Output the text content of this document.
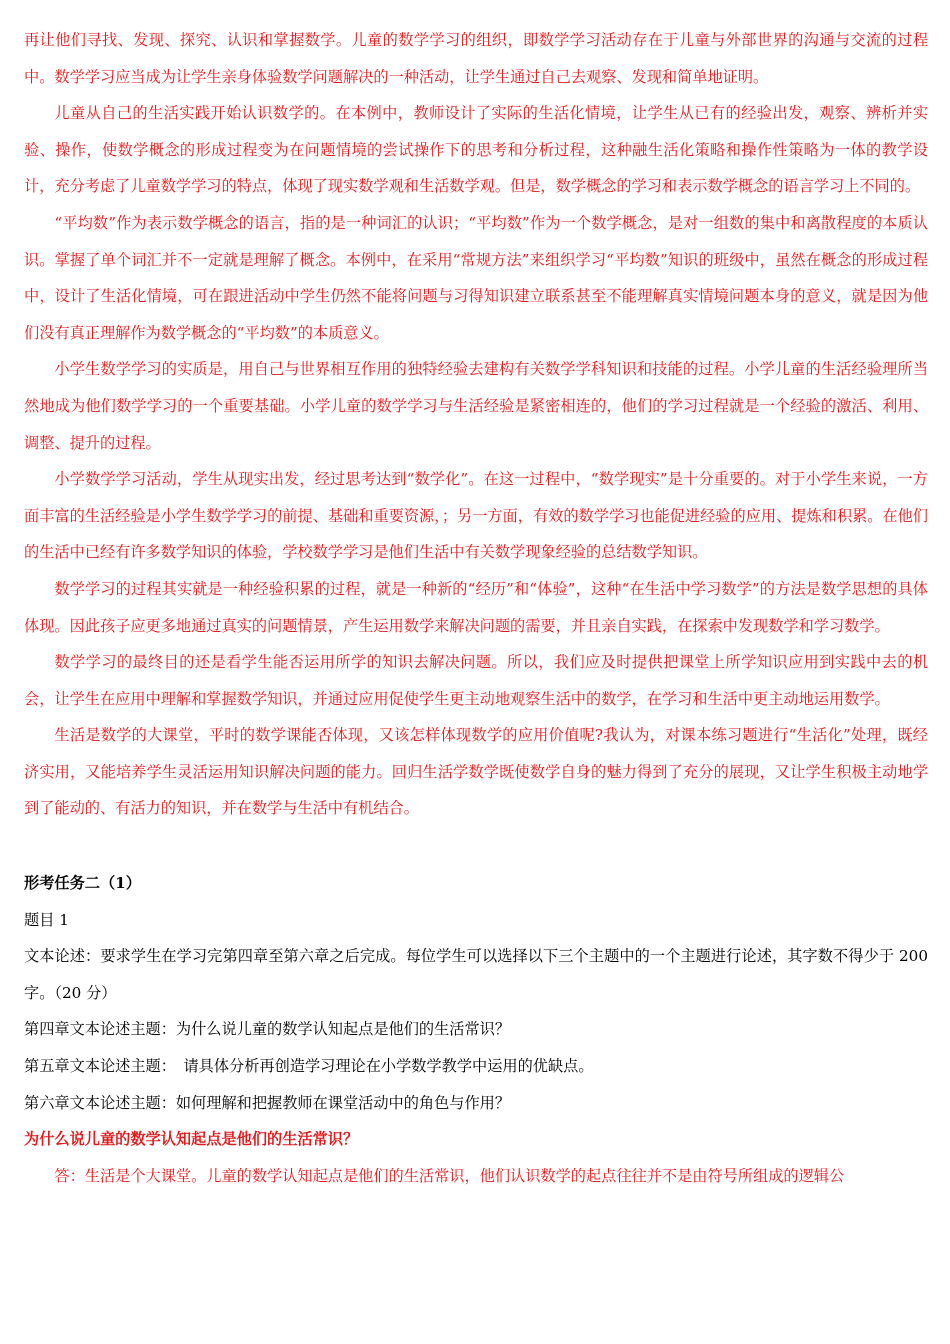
再让他们寻找、发现、探究、认识和掌握数学。儿童的数学学习的组织，即数学学习活动存在于儿童与外部世界的沟通与交流的过程中。数学学习应当成为让学生亲身体验数学问题解决的一种活动，让学生通过自己去观察、发现和简单地证明。

儿童从自己的生活实践开始认识数学的。在本例中，教师设计了实际的生活化情境，让学生从已有的经验出发，观察、辨析并实验、操作，使数学概念的形成过程变为在问题情境的尝试操作下的思考和分析过程，这种融生活化策略和操作性策略为一体的教学设计，充分考虑了儿童数学学习的特点，体现了现实数学观和生活数学观。但是，数学概念的学习和表示数学概念的语言学习上不同的。

“平均数”作为表示数学概念的语言，指的是一种词汇的认识；“平均数”作为一个数学概念，是对一组数的集中和离散程度的本质认识。掌握了单个词汇并不一定就是理解了概念。本例中，在采用“常规方法”来组织学习“平均数”知识的班级中，虽然在概念的形成过程中，设计了生活化情境，可在跟进活动中学生仍然不能将问题与习得知识建立联系甚至不能理解真实情境问题本身的意义，就是因为他们没有真正理解作为数学概念的“平均数”的本质意义。

小学生数学学习的实质是，用自己与世界相互作用的独特经验去建构有关数学学科知识和技能的过程。小学儿童的生活经验理所当然地成为他们数学学习的一个重要基础。小学儿童的数学学习与生活经验是紧密相连的，他们的学习过程就是一个经验的激活、利用、调整、提升的过程。

小学数学学习活动，学生从现实出发，经过思考达到“数学化”。在这一过程中，“数学现实”是十分重要的。对于小学生来说，一方面丰富的生活经验是小学生数学学习的前提、基础和重要资源，；另一方面，有效的数学学习也能促进经验的应用、提炼和积累。在他们的生活中已经有许多数学知识的体验，学校数学学习是他们生活中有关数学现象经验的总结数学知识。

数学学习的过程其实就是一种经验积累的过程，就是一种新的“经历”和“体验”，这种“在生活中学习数学”的方法是数学思想的具体体现。因此孩子应更多地通过真实的问题情景，产生运用数学来解决问题的需要，并且亲自实践，在探索中发现数学和学习数学。

数学学习的最终目的还是看学生能否运用所学的知识去解决问题。所以，我们应及时提供把课堂上所学知识应用到实践中去的机会，让学生在应用中理解和掌握数学知识，并通过应用促使学生更主动地观察生活中的数学，在学习和生活中更主动地运用数学。

生活是数学的大课堂，平时的数学课能否体现，又该怎样体现数学的应用价值呢?我认为，对课本练习题进行“生活化”处理，既经济实用，又能培养学生灵活运用知识解决问题的能力。回归生活学数学既使数学自身的魅力得到了充分的展现，又让学生积极主动地学到了能动的、有活力的知识，并在数学与生活中有机结合。

形考任务二（1）

题目 1

文本论述：要求学生在学习完第四章至第六章之后完成。每位学生可以选择以下三个主题中的一个主题进行论述，其字数不得少于 200 字。（20 分）

第四章文本论述主题：为什么说儿童的数学认知起点是他们的生活常识？

第五章文本论述主题：　请具体分析再创造学习理论在小学数学教学中运用的优缺点。

第六章文本论述主题：如何理解和把握教师在课堂活动中的角色与作用？

为什么说儿童的数学认知起点是他们的生活常识？

答：生活是个大课堂。儿童的数学认知起点是他们的生活常识，他们认识数学的起点往往并不是由符号所组成的逻辑公
